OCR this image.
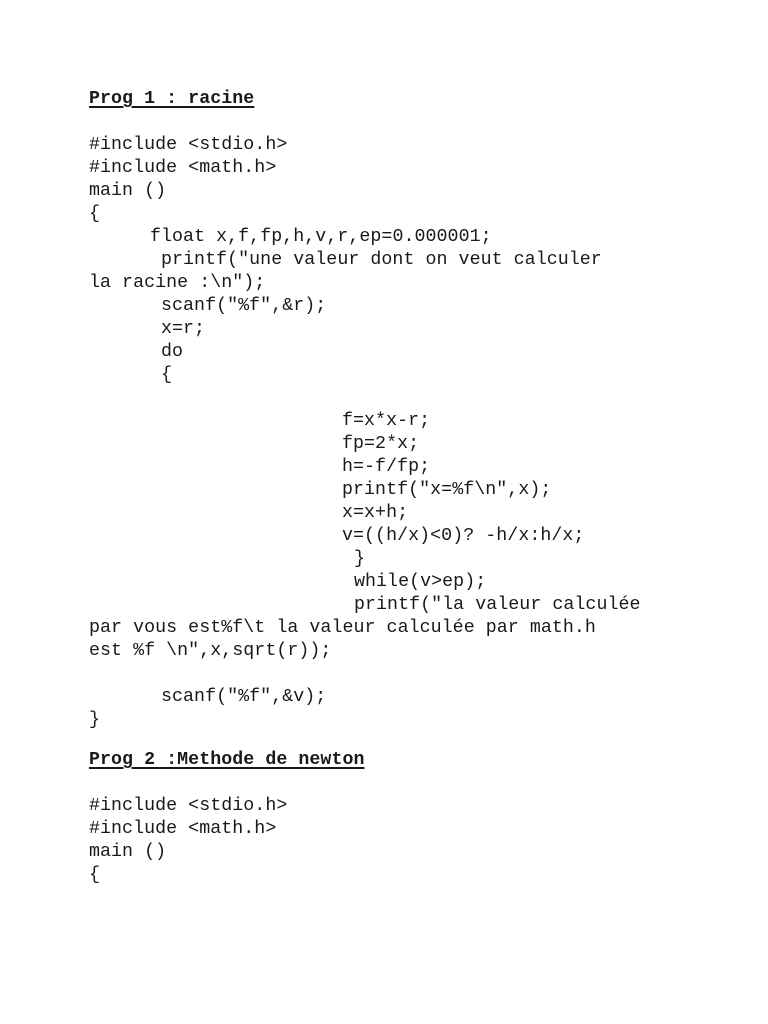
Prog 1 : racine
#include <stdio.h>
#include <math.h>
main ()
{
float x,f,fp,h,v,r,ep=0.000001;
printf("une valeur dont on veut calculer
la racine :\n");
scanf("%f",&r);
x=r;
do
{
f=x*x-r;
fp=2*x;
h=-f/fp;
printf("x=%f\n",x);
x=x+h;
v=((h/x)<0)? -h/x:h/x;
}
while(v>ep);
printf("la valeur calculée
par vous est%f\t la valeur calculée par math.h
est %f \n",x,sqrt(r));
scanf("%f",&v);
}
Prog 2 :Methode de newton
#include <stdio.h>
#include <math.h>
main ()
{
